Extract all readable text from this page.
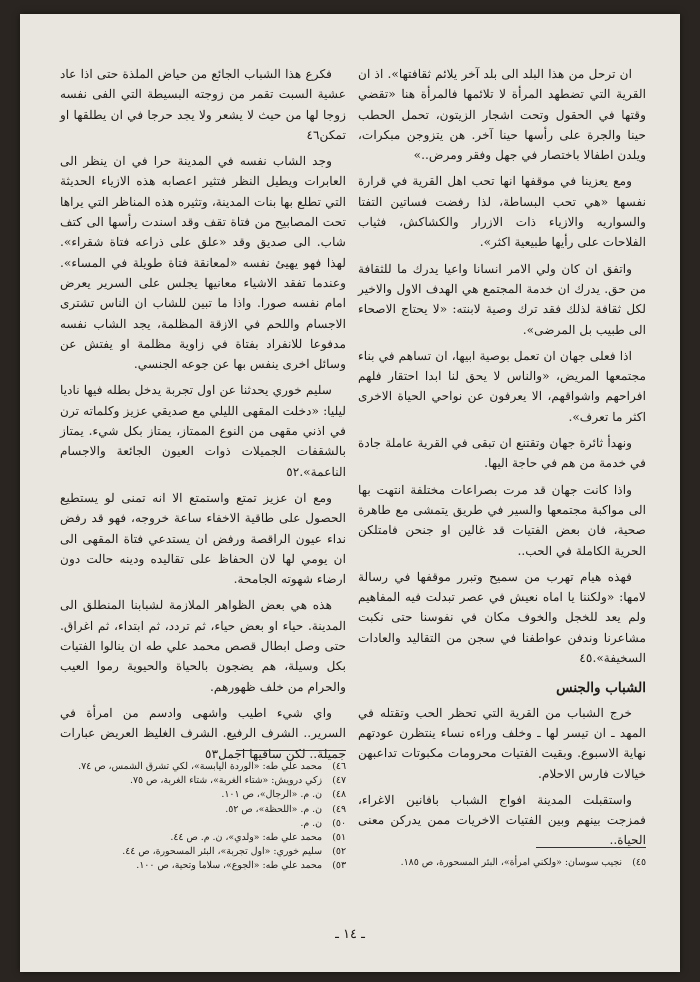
ان ترحل من هذا البلد الى بلد آخر يلائم ثقافتها». اذ ان القرية التي تضطهد المرأة لا تلائمها فالمرأة هنا «تقضي وقتها في الحقول وتحت اشجار الزيتون، تحمل الحطب حينا والجرة على رأسها حينا آخر. هن يتزوجن مبكرات، ويلدن اطفالا باختصار في جهل وفقر ومرض..»

ومع يعزينا في موقفها انها تحب اهل القرية في قرارة نفسها «هي تحب البساطة، لذا رفضت فساتين التفتا والسواريه والازياء ذات الازرار والكشاكش، فثياب الفلاحات على رأيها طبيعية اكثر».

واتفق ان كان ولي الامر انسانا واعيا يدرك ما للثقافة من حق. يدرك ان خدمة المجتمع هي الهدف الاول والاخير لكل ثقافة لذلك فقد ترك وصية لابنته: «لا يحتاج الاصحاء الى طبيب بل المرضى».

اذا فعلى جهان ان تعمل بوصية ابيها، ان تساهم في بناء مجتمعها المريض، «والناس لا يحق لنا ابدا احتقار فلهم افراحهم واشواقهم، الا يعرفون عن نواحي الحياة الاخرى اكثر ما تعرف».

ونهدأ ثائرة جهان وتقتنع ان تبقى في القرية عاملة جادة في خدمة من هم في حاجة اليها.

واذا كانت جهان قد مرت بصراعات مختلفة انتهت بها الى مواكبة مجتمعها والسير في طريق يتمشى مع طاهرة صحية، فان بعض الفتيات قد غالين او جنحن فامتلكن الحرية الكاملة في الحب..

فهذه هيام تهرب من سميح وتبرر موقفها في رسالة لامها: «ولكننا يا اماه نعيش في عصر تبدلت فيه المفاهيم ولم يعد للخجل والخوف مكان في نفوسنا حتى نكبت مشاعرنا وندفن عواطفنا في سجن من التقاليد والعادات السخيفة».٤٥

الشباب والجنس

خرج الشباب من القرية التي تحظر الحب وتقتله في المهد ـ ان تيسر لها ـ وخلف وراءه نساء ينتظرن عودتهم نهاية الاسبوع. وبقيت الفتيات محرومات مكبوتات تداعبهن خيالات فارس الاحلام.

واستقبلت المدينة افواج الشباب بافانين الاغراء، فمزجت بينهم وبين الفتيات الاخريات ممن يدركن معنى الحياة..

فكرع هذا الشباب الجائع من حياض الملذة حتى اذا عاد عشية السبت تقمر من زوجته البسيطة التي الفى نفسه زوجا لها من حيث لا يشعر ولا يجد حرجا في ان يطلقها او تمكن٤٦

وجد الشاب نفسه في المدينة حرا في ان ينظر الى العابرات ويطيل النظر فتثير اعصابه هذه الازياء الحديثة التي تطلع بها بنات المدينة، وتثيره هذه المناظر التي يراها تحت المصابيح من فتاة تقف وقد اسندت رأسها الى كتف شاب. الى صديق وقد «علق على ذراعه فتاة شقراء». لهذا فهو يهيئ نفسه «لمعانقة فتاة طويلة في المساء». وعندما تفقد الاشياء معانيها يجلس على السرير يعرض امام نفسه صورا. واذا ما تبين للشاب ان الناس تشترى الاجسام واللحم في الازقة المظلمة، يجد الشاب نفسه مدفوعا للانفراد بفتاة في زاوية مظلمة او يفتش عن وسائل اخرى ينفس بها عن جوعه الجنسي.

سليم خوري يحدثنا عن اول تجربة يدخل بطله فيها ناديا ليليا: «دخلت المقهى الليلي مع صديقي عزيز وكلماته ترن في اذني مقهى من النوع الممتاز، يمتاز بكل شيء. يمتاز بالشقفات الجميلات ذوات العيون الجائعة والاجسام الناعمة».٥٢

ومع ان عزيز تمتع واستمتع الا انه تمنى لو يستطيع الحصول على طاقية الاخفاء ساعة خروجه، فهو قد رفض نداء عيون الراقصة ورفض ان يستدعي فتاة المقهى الى ان يومي لها لان الحفاظ على تقاليده ودينه حالت دون ارضاء شهوته الجامحة.

هذه هي بعض الظواهر الملازمة لشبابنا المنطلق الى المدينة. حياء او بعض حياء، ثم تردد، ثم ابتداء، ثم اغراق. حتى وصل ابطال قصص محمد علي طه ان ينالوا الفتيات بكل وسيلة، هم يضجون بالحياة والحيوية رموا العيب والحرام من خلف ظهورهم.

واي شيء اطيب واشهى وادسم من امرأة في السرير.. الشرف الرفيع. الشرف الغليظ العريض عبارات جميلة.. لكن ساقيها اجمل٥٣

٤٥)نجيب سوسان: «ولكني امرأة»، البئر المسحورة، ص ١٨٥.

٤٦)محمد علي طه: «الوردة اليابسة»، لكي تشرق الشمس، ص ٧٤.

٤٧)زكي درويش: «شتاء الغربة»، شتاء الغربة، ص ٧٥.

٤٨)ن. م. «الرجال»، ص ١٠١.

٤٩)ن. م. «اللحظة»، ص ٥٢.

٥٠)ن. م.

٥١)محمد علي طه: «ولدي»، ن. م. ص ٤٤.

٥٢)سليم خوري: «اول تجربة»، البئر المسحورة، ص ٤٤.

٥٣)محمد علي طه: «الجوع»، سلاما وتحية، ص ١٠٠.

ـ ١٤ ـ
